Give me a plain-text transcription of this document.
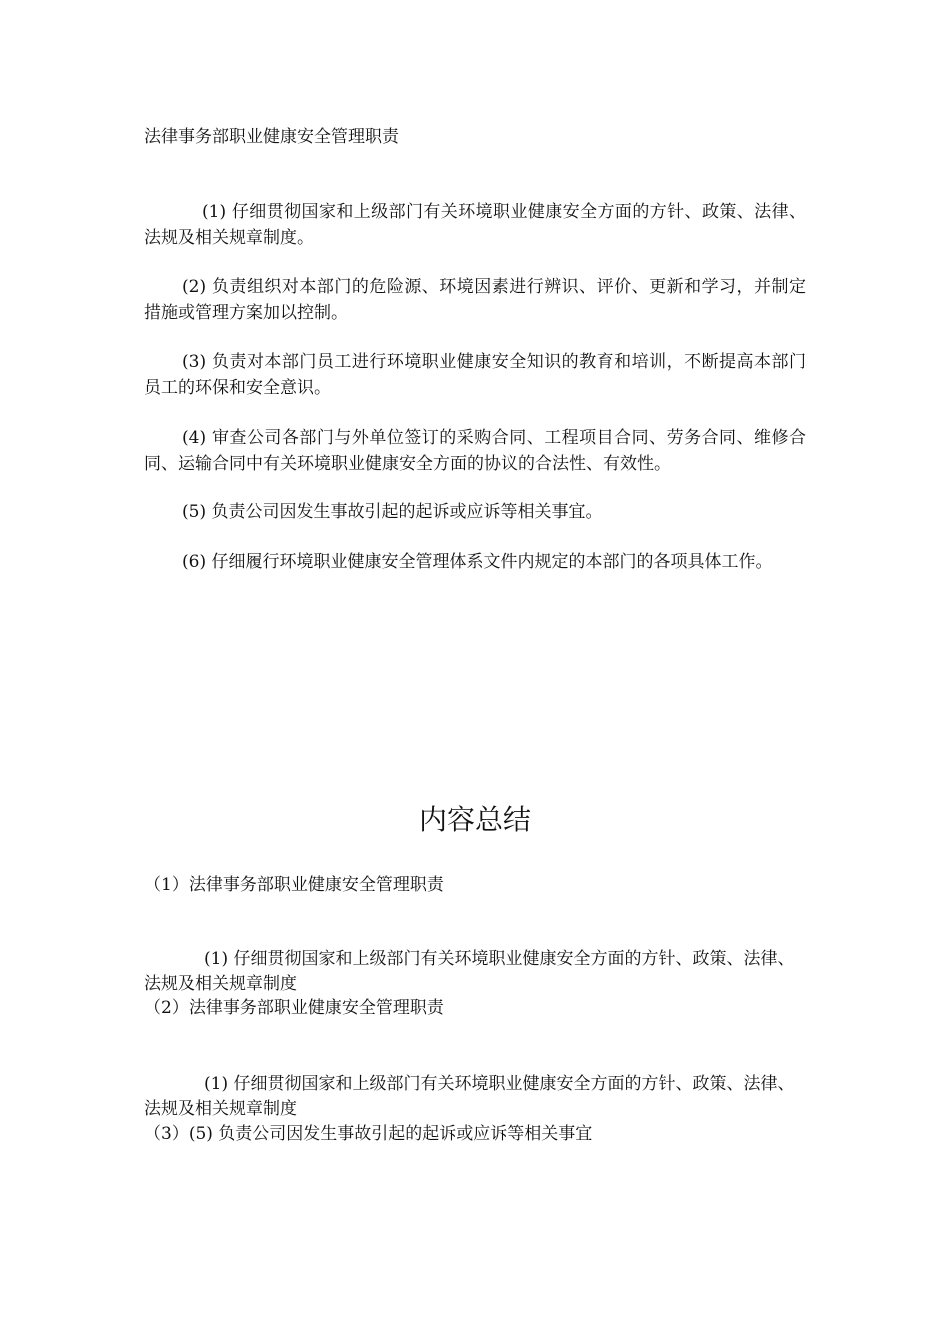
法律事务部职业健康安全管理职责

(1) 仔细贯彻国家和上级部门有关环境职业健康安全方面的方针、政策、法律、法规及相关规章制度。

(2) 负责组织对本部门的危险源、环境因素进行辨识、评价、更新和学习，并制定措施或管理方案加以控制。

(3) 负责对本部门员工进行环境职业健康安全知识的教育和培训，不断提高本部门员工的环保和安全意识。

(4) 审查公司各部门与外单位签订的采购合同、工程项目合同、劳务合同、维修合同、运输合同中有关环境职业健康安全方面的协议的合法性、有效性。

(5) 负责公司因发生事故引起的起诉或应诉等相关事宜。

(6) 仔细履行环境职业健康安全管理体系文件内规定的本部门的各项具体工作。

内容总结

（1）法律事务部职业健康安全管理职责

(1) 仔细贯彻国家和上级部门有关环境职业健康安全方面的方针、政策、法律、法规及相关规章制度

（2）法律事务部职业健康安全管理职责

(1) 仔细贯彻国家和上级部门有关环境职业健康安全方面的方针、政策、法律、法规及相关规章制度

（3）(5) 负责公司因发生事故引起的起诉或应诉等相关事宜
